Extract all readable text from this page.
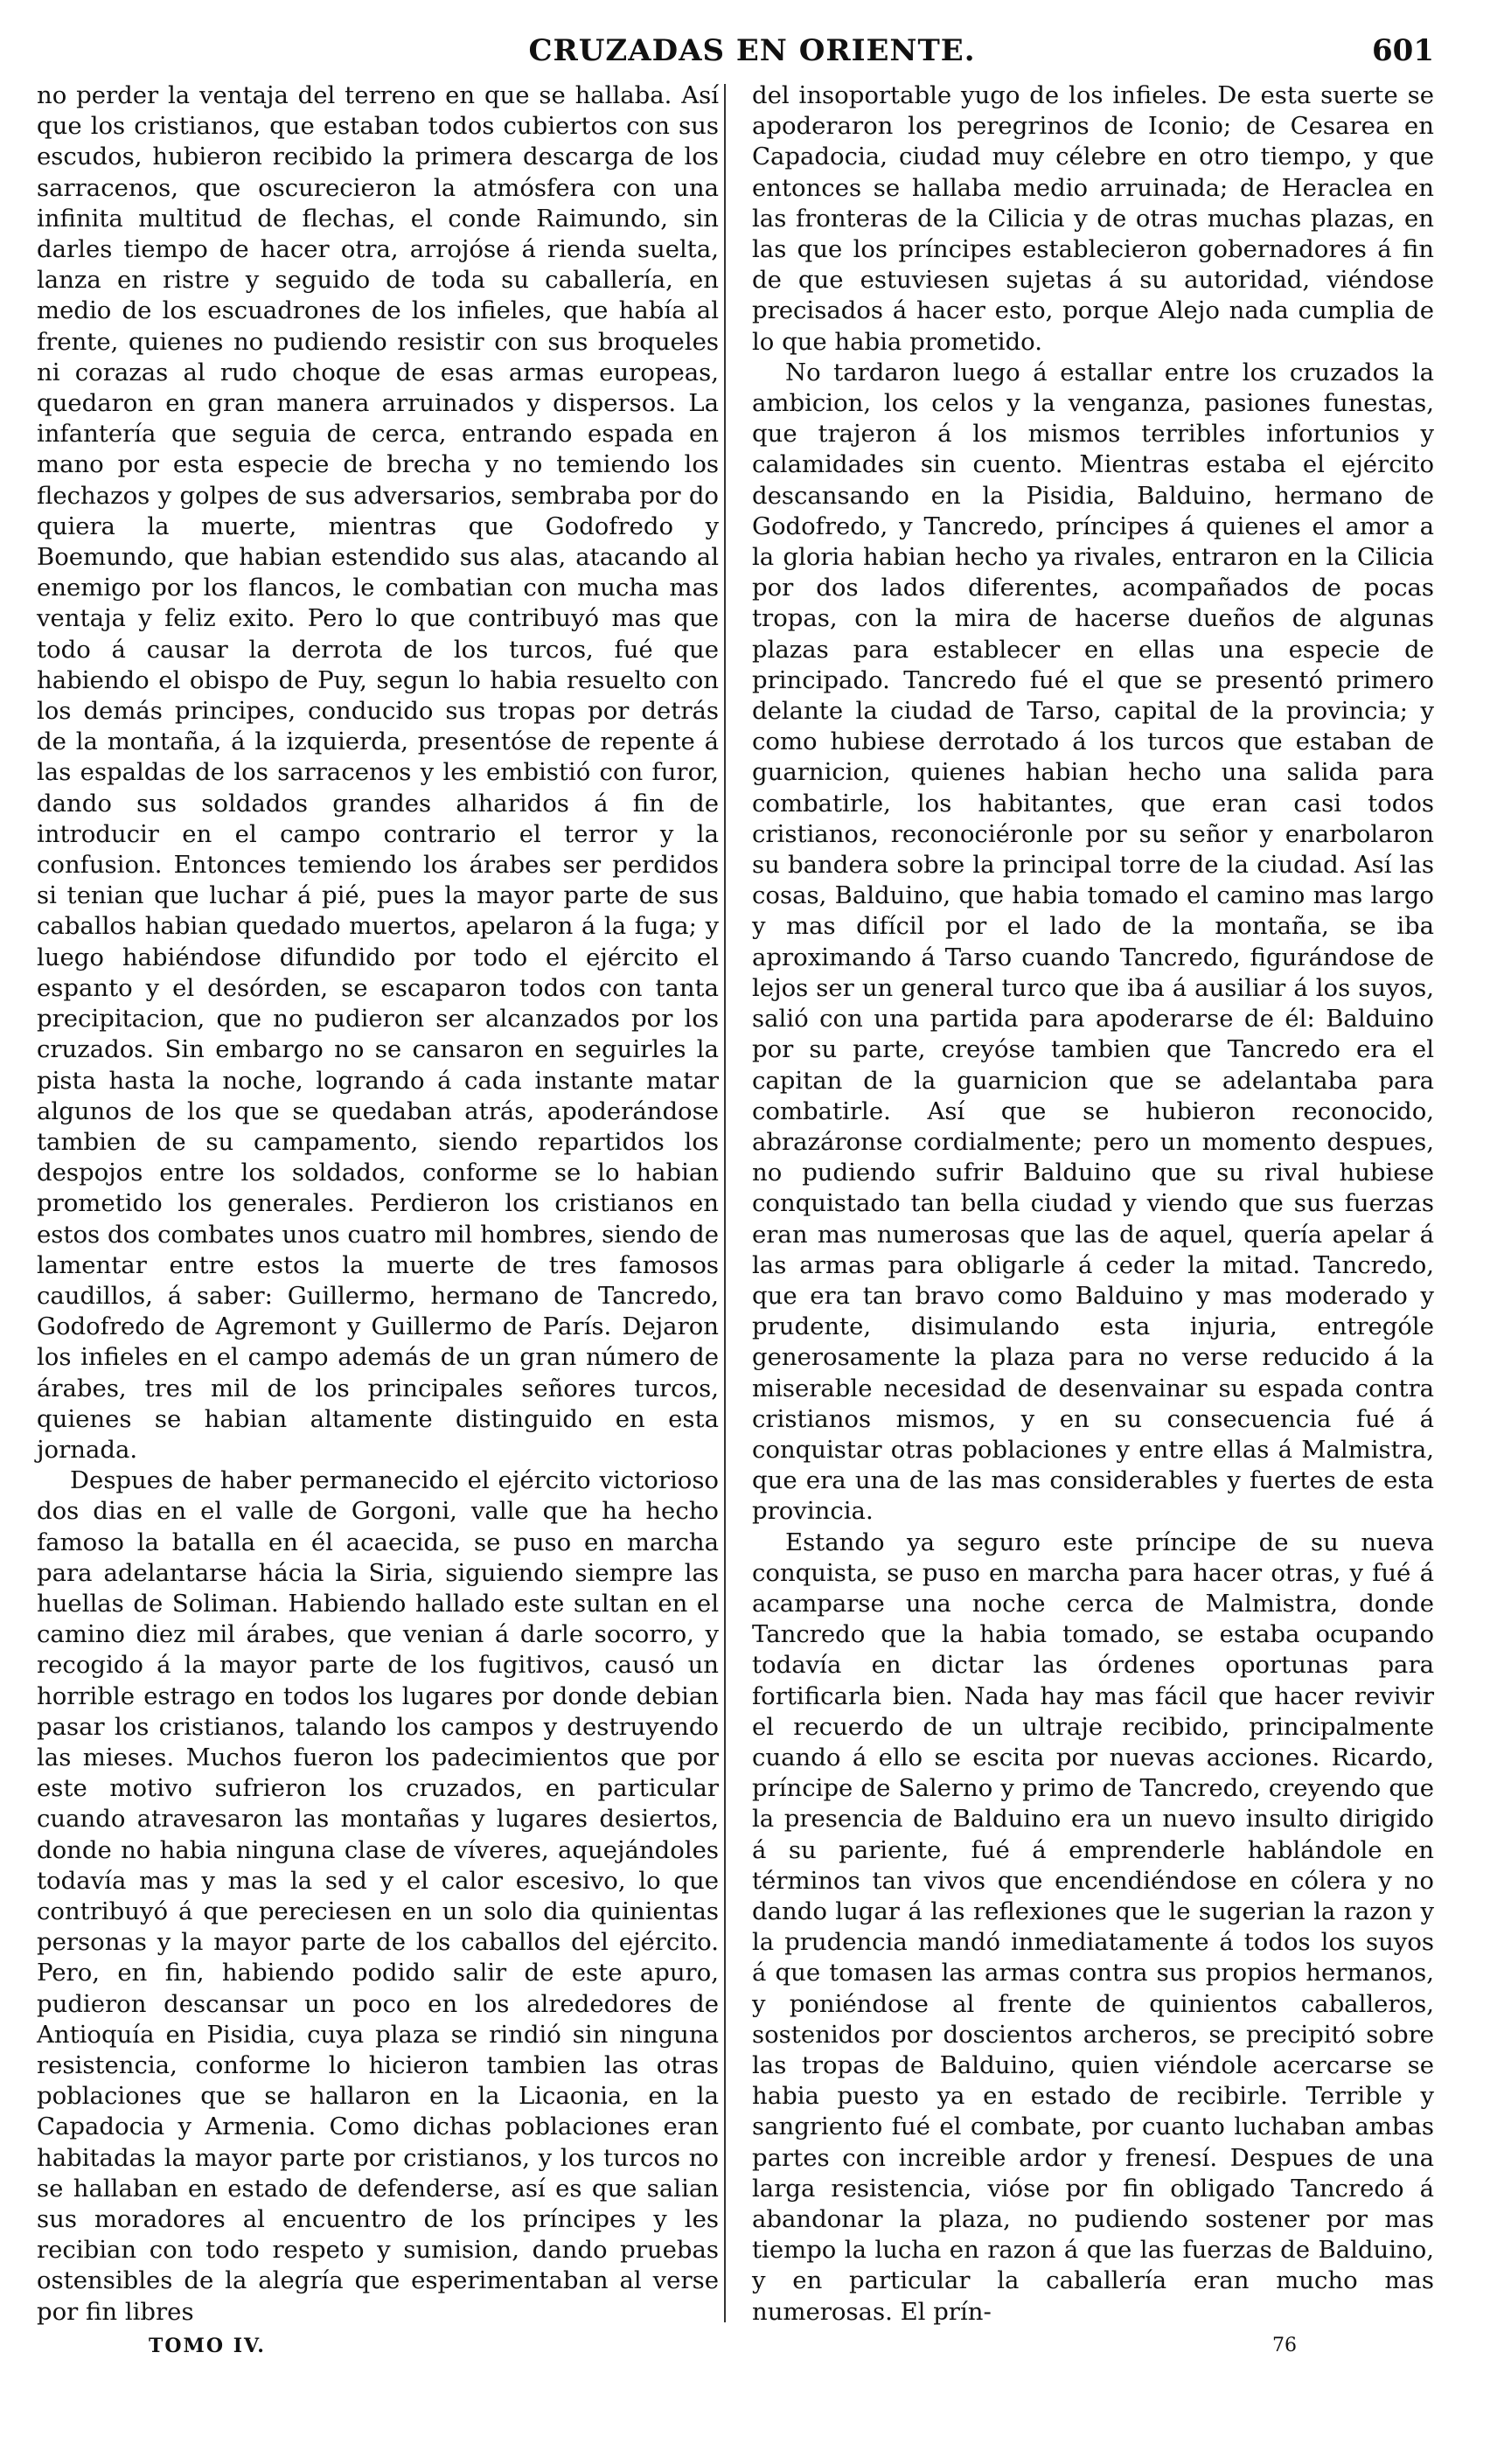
CRUZADAS EN ORIENTE.	601

no perder la ventaja del terreno en que se hallaba. Así que los cristianos, que estaban todos cubiertos con sus escudos, hubieron recibido la primera descarga de los sarracenos, que oscurecieron la atmósfera con una infinita multitud de flechas, el conde Raimundo, sin darles tiempo de hacer otra, arrojóse á rienda suelta, lanza en ristre y seguido de toda su caballería, en medio de los escuadrones de los infieles, que había al frente, quienes no pudiendo resistir con sus broqueles ni corazas al rudo choque de esas armas europeas, quedaron en gran manera arruinados y dispersos. La infantería que seguia de cerca, entrando espada en mano por esta especie de brecha y no temiendo los flechazos y golpes de sus adversarios, sembraba por do quiera la muerte, mientras que Godofredo y Boemundo, que habian estendido sus alas, atacando al enemigo por los flancos, le combatian con mucha mas ventaja y feliz exito. Pero lo que contribuyó mas que todo á causar la derrota de los turcos, fué que habiendo el obispo de Puy, segun lo habia resuelto con los demás principes, conducido sus tropas por detrás de la montaña, á la izquierda, presentóse de repente á las espaldas de los sarracenos y les embistió con furor, dando sus soldados grandes alharidos á fin de introducir en el campo contrario el terror y la confusion. Entonces temiendo los árabes ser perdidos si tenian que luchar á pié, pues la mayor parte de sus caballos habian quedado muertos, apelaron á la fuga; y luego habiéndose difundido por todo el ejército el espanto y el desórden, se escaparon todos con tanta precipitacion, que no pudieron ser alcanzados por los cruzados. Sin embargo no se cansaron en seguirles la pista hasta la noche, logrando á cada instante matar algunos de los que se quedaban atrás, apoderándose tambien de su campamento, siendo repartidos los despojos entre los soldados, conforme se lo habian prometido los generales. Perdieron los cristianos en estos dos combates unos cuatro mil hombres, siendo de lamentar entre estos la muerte de tres famosos caudillos, á saber: Guillermo, hermano de Tancredo, Godofredo de Agremont y Guillermo de París. Dejaron los infieles en el campo además de un gran número de árabes, tres mil de los principales señores turcos, quienes se habian altamente distinguido en esta jornada.

Despues de haber permanecido el ejército victorioso dos dias en el valle de Gorgoni, valle que ha hecho famoso la batalla en él acaecida, se puso en marcha para adelantarse hácia la Siria, siguiendo siempre las huellas de Soliman. Habiendo hallado este sultan en el camino diez mil árabes, que venian á darle socorro, y recogido á la mayor parte de los fugitivos, causó un horrible estrago en todos los lugares por donde debian pasar los cristianos, talando los campos y destruyendo las mieses. Muchos fueron los padecimientos que por este motivo sufrieron los cruzados, en particular cuando atravesaron las montañas y lugares desiertos, donde no habia ninguna clase de víveres, aquejándoles todavía mas y mas la sed y el calor escesivo, lo que contribuyó á que pereciesen en un solo dia quinientas personas y la mayor parte de los caballos del ejército. Pero, en fin, habiendo podido salir de este apuro, pudieron descansar un poco en los alrededores de Antioquía en Pisidia, cuya plaza se rindió sin ninguna resistencia, conforme lo hicieron tambien las otras poblaciones que se hallaron en la Licaonia, en la Capadocia y Armenia. Como dichas poblaciones eran habitadas la mayor parte por cristianos, y los turcos no se hallaban en estado de defenderse, así es que salian sus moradores al encuentro de los príncipes y les recibian con todo respeto y sumision, dando pruebas ostensibles de la alegría que esperimentaban al verse por fin libres

del insoportable yugo de los infieles. De esta suerte se apoderaron los peregrinos de Iconio; de Cesarea en Capadocia, ciudad muy célebre en otro tiempo, y que entonces se hallaba medio arruinada; de Heraclea en las fronteras de la Cilicia y de otras muchas plazas, en las que los príncipes establecieron gobernadores á fin de que estuviesen sujetas á su autoridad, viéndose precisados á hacer esto, porque Alejo nada cumplia de lo que habia prometido.

No tardaron luego á estallar entre los cruzados la ambicion, los celos y la venganza, pasiones funestas, que trajeron á los mismos terribles infortunios y calamidades sin cuento. Mientras estaba el ejército descansando en la Pisidia, Balduino, hermano de Godofredo, y Tancredo, príncipes á quienes el amor a la gloria habian hecho ya rivales, entraron en la Cilicia por dos lados diferentes, acompañados de pocas tropas, con la mira de hacerse dueños de algunas plazas para establecer en ellas una especie de principado. Tancredo fué el que se presentó primero delante la ciudad de Tarso, capital de la provincia; y como hubiese derrotado á los turcos que estaban de guarnicion, quienes habian hecho una salida para combatirle, los habitantes, que eran casi todos cristianos, reconociéronle por su señor y enarbolaron su bandera sobre la principal torre de la ciudad. Así las cosas, Balduino, que habia tomado el camino mas largo y mas difícil por el lado de la montaña, se iba aproximando á Tarso cuando Tancredo, figurándose de lejos ser un general turco que iba á ausiliar á los suyos, salió con una partida para apoderarse de él: Balduino por su parte, creyóse tambien que Tancredo era el capitan de la guarnicion que se adelantaba para combatirle. Así que se hubieron reconocido, abrazáronse cordialmente; pero un momento despues, no pudiendo sufrir Balduino que su rival hubiese conquistado tan bella ciudad y viendo que sus fuerzas eran mas numerosas que las de aquel, quería apelar á las armas para obligarle á ceder la mitad. Tancredo, que era tan bravo como Balduino y mas moderado y prudente, disimulando esta injuria, entrególe generosamente la plaza para no verse reducido á la miserable necesidad de desenvainar su espada contra cristianos mismos, y en su consecuencia fué á conquistar otras poblaciones y entre ellas á Malmistra, que era una de las mas considerables y fuertes de esta provincia.

Estando ya seguro este príncipe de su nueva conquista, se puso en marcha para hacer otras, y fué á acamparse una noche cerca de Malmistra, donde Tancredo que la habia tomado, se estaba ocupando todavía en dictar las órdenes oportunas para fortificarla bien. Nada hay mas fácil que hacer revivir el recuerdo de un ultraje recibido, principalmente cuando á ello se escita por nuevas acciones. Ricardo, príncipe de Salerno y primo de Tancredo, creyendo que la presencia de Balduino era un nuevo insulto dirigido á su pariente, fué á emprenderle hablándole en términos tan vivos que encendiéndose en cólera y no dando lugar á las reflexiones que le sugerian la razon y la prudencia mandó inmediatamente á todos los suyos á que tomasen las armas contra sus propios hermanos, y poniéndose al frente de quinientos caballeros, sostenidos por doscientos archeros, se precipitó sobre las tropas de Balduino, quien viéndole acercarse se habia puesto ya en estado de recibirle. Terrible y sangriento fué el combate, por cuanto luchaban ambas partes con increible ardor y frenesí. Despues de una larga resistencia, vióse por fin obligado Tancredo á abandonar la plaza, no pudiendo sostener por mas tiempo la lucha en razon á que las fuerzas de Balduino, y en particular la caballería eran mucho mas numerosas. El prín-

TOMO IV.	76
